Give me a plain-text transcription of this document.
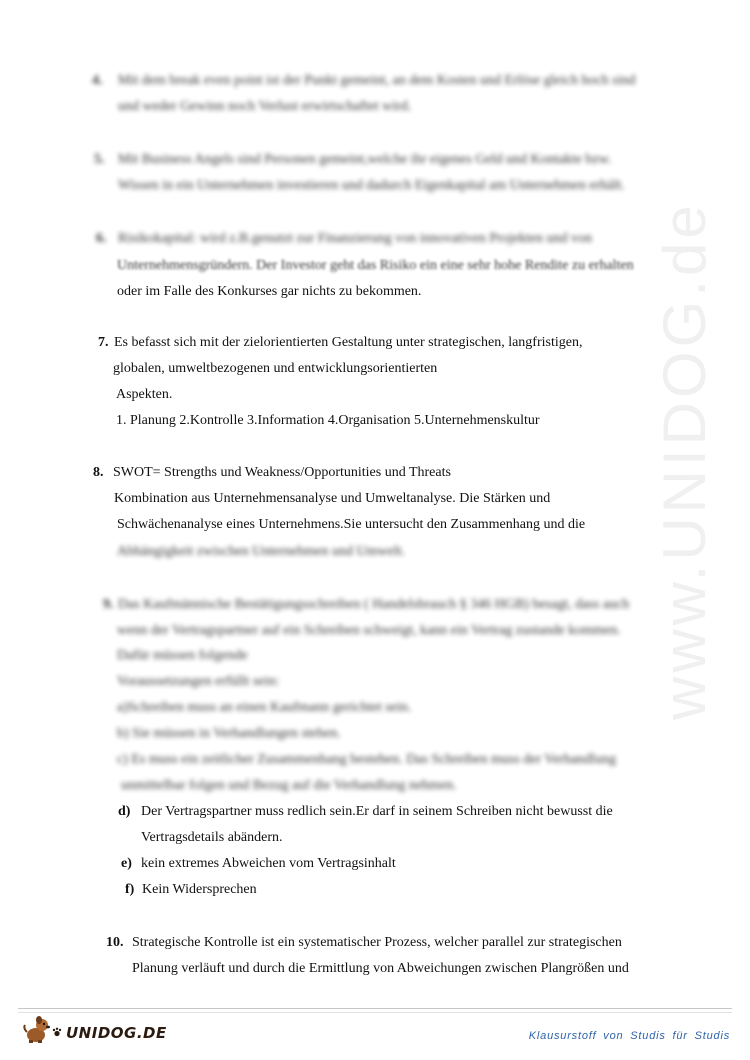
www.UNIDOG.de
4. Mit dem break even point ist der Punkt gemeint, an dem Kosten und Erlöse gleich hoch sind
und weder Gewinn noch Verlust erwirtschaftet wird.
5. Mit Business Angels sind Personen gemeint,welche ihr eigenes Geld und Kontakte bzw.
Wissen in ein Unternehmen investieren und dadurch Eigenkapital am Unternehmen erhält.
6. Risikokapital: wird z.B.genutzt zur Finanzierung von innovativen Projekten und von
Unternehmensgründern. Der Investor geht das Risiko ein eine sehr hohe Rendite zu erhalten
oder im Falle des Konkurses gar nichts zu bekommen.
7. Es befasst sich mit der zielorientierten Gestaltung unter strategischen, langfristigen,
globalen, umweltbezogenen und entwicklungsorientierten
Aspekten.
1. Planung 2.Kontrolle 3.Information 4.Organisation 5.Unternehmenskultur
8. SWOT= Strengths und Weakness/Opportunities und Threats
Kombination aus Unternehmensanalyse und Umweltanalyse. Die Stärken und
Schwächenanalyse eines Unternehmens.Sie untersucht den Zusammenhang und die
Abhängigkeit zwischen Unternehmen und Umwelt.
9. Das Kaufmännische Bestätigungsschreiben ( Handelsbrauch § 346 HGB) besagt, dass auch
wenn der Vertragspartner auf ein Schreiben schweigt, kann ein Vertrag zustande kommen.
Dafür müssen folgende
Voraussetzungen erfüllt sein:
a)Schreiben muss an einen Kaufmann gerichtet sein.
b) Sie müssen in Verhandlungen stehen.
c) Es muss ein zeitlicher Zusammenhang bestehen. Das Schreiben muss der Verhandlung
unmittelbar folgen und Bezug auf die Verhandlung nehmen.
d) Der Vertragspartner muss redlich sein.Er darf in seinem Schreiben nicht bewusst die
Vertragsdetails abändern.
e) kein extremes Abweichen vom Vertragsinhalt
f) Kein Widersprechen
10. Strategische Kontrolle ist ein systematischer Prozess, welcher parallel zur strategischen
Planung verläuft und durch die Ermittlung von Abweichungen zwischen Plangrößen und
UNIDOG.DE	Klausurstoff von Studis für Studis
